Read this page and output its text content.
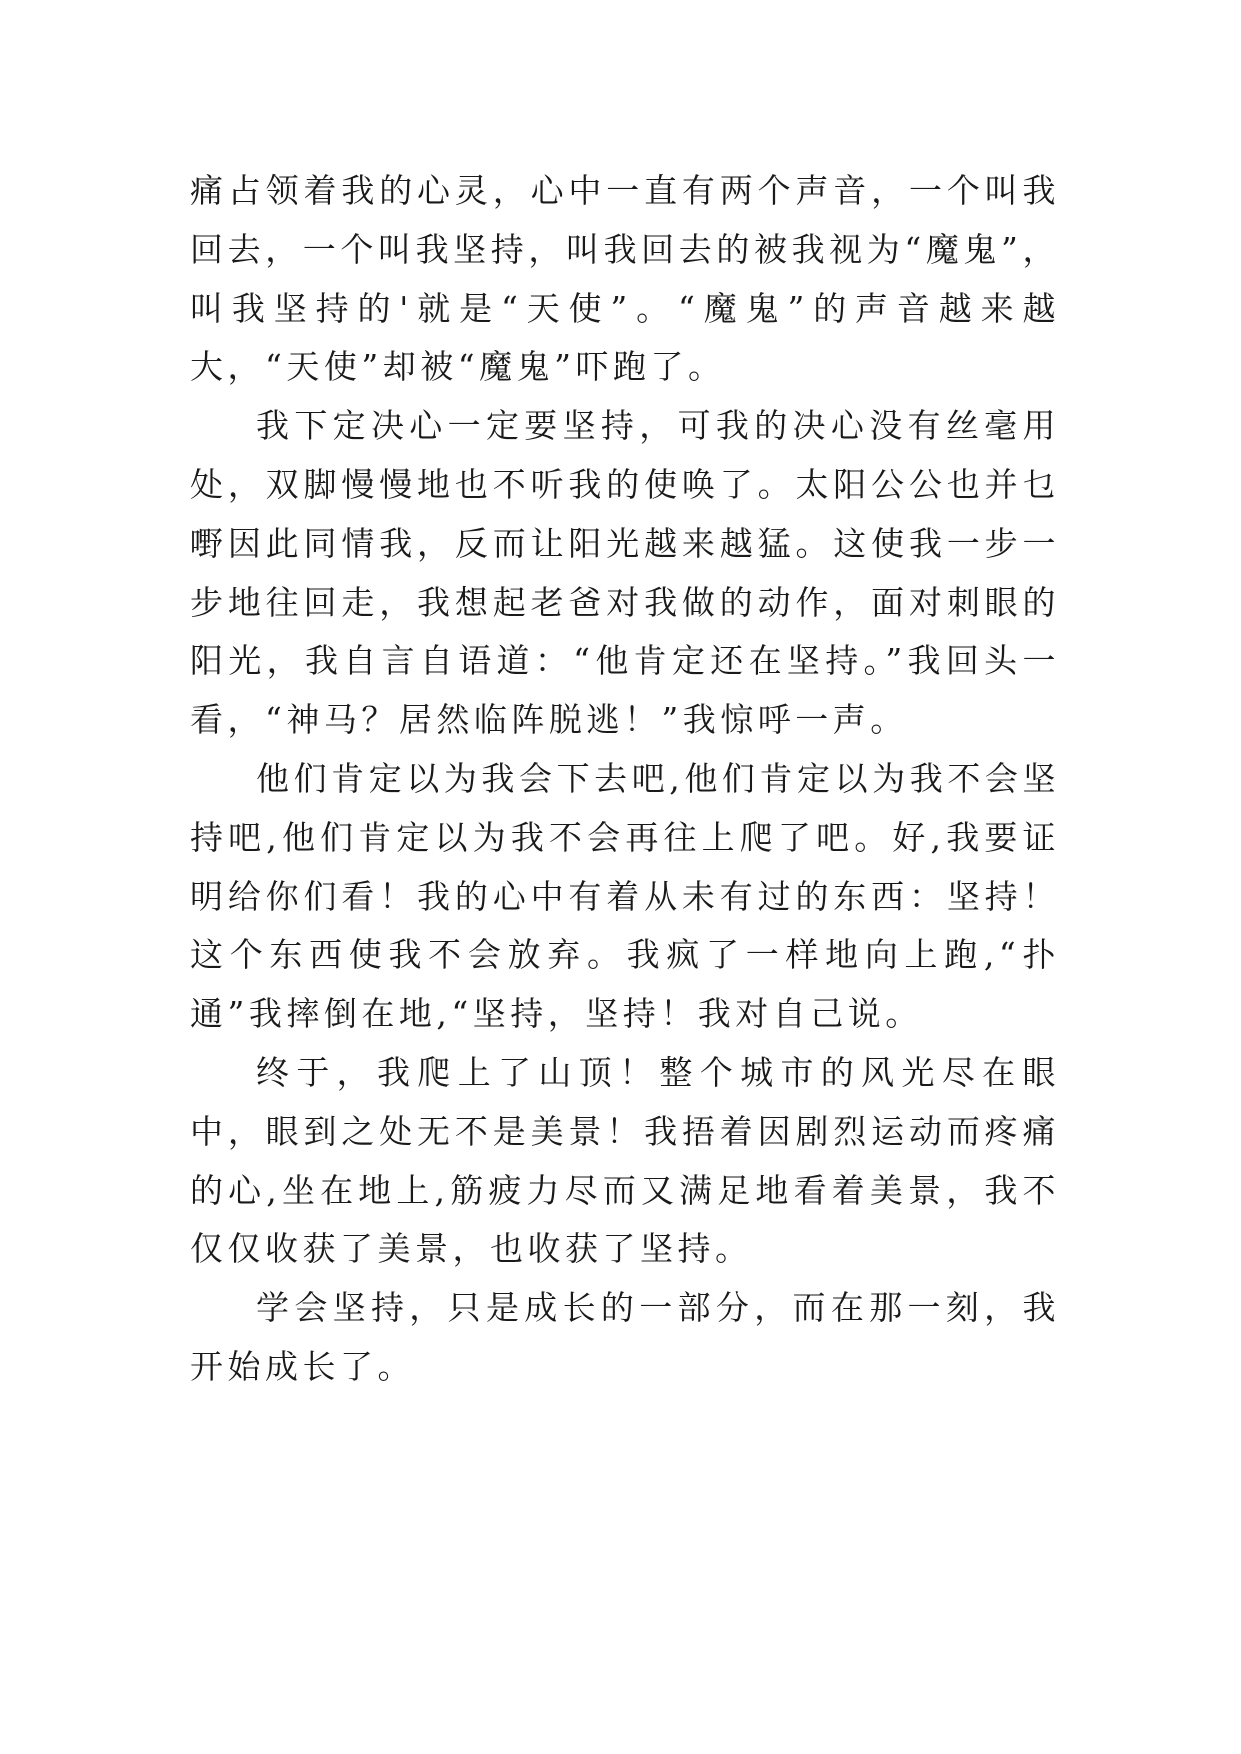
痛占领着我的心灵，心中一直有两个声音，一个叫我回去，一个叫我坚持，叫我回去的被我视为“魔鬼”，叫我坚持的'就是“天使”。“魔鬼”的声音越来越大，“天使”却被“魔鬼”吓跑了。

我下定决心一定要坚持，可我的决心没有丝毫用处，双脚慢慢地也不听我的使唤了。太阳公公也并乜嘢因此同情我，反而让阳光越来越猛。这使我一步一步地往回走，我想起老爸对我做的动作，面对刺眼的阳光，我自言自语道：“他肯定还在坚持。”我回头一看，“神马？居然临阵脱逃！”我惊呼一声。

他们肯定以为我会下去吧,他们肯定以为我不会坚持吧,他们肯定以为我不会再往上爬了吧。好,我要证明给你们看！我的心中有着从未有过的东西：坚持！这个东西使我不会放弃。我疯了一样地向上跑,“扑通”我摔倒在地,“坚持，坚持！我对自己说。

终于，我爬上了山顶！整个城市的风光尽在眼中，眼到之处无不是美景！我捂着因剧烈运动而疼痛的心,坐在地上,筋疲力尽而又满足地看着美景，我不仅仅收获了美景，也收获了坚持。

学会坚持，只是成长的一部分，而在那一刻，我开始成长了。
